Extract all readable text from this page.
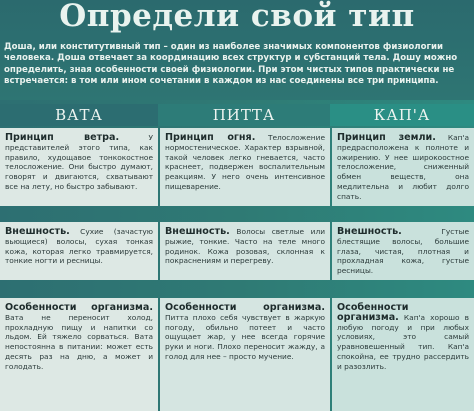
Определи свой тип
Доша, или конститутивный тип – один из наиболее значимых компонентов физиологии человека. Доша отвечает за координацию всех структур и субстанций тела. Дошу можно определить, зная особенности своей физиологии. При этом чистых типов практически не встречается: в том или ином сочетании в каждом из нас соединены все три принципа.
ВАТА	ПИТТА	КАП'А
Принцип ветра. У представителей этого типа, как правило, худощавое тонкокостное телосложение. Они быстро думают, говорят и двигаются, схватывают все на лету, но быстро забывают.
Внешность. Сухие (зачастую вьющиеся) волосы, сухая тонкая кожа, которая легко травмируется, тонкие ногти и ресницы.
Особенности организма. Вата не переносит холод, прохладную пищу и напитки со льдом. Ей тяжело сорваться. Вата непостоянна в питании: может есть десять раз на дню, а может и голодать.
Принцип огня. Телосложение нормостеническое. Характер взрывной, такой человек легко гневается, часто краснеет, подвержен воспалительным реакциям. У него очень интенсивное пищеварение.
Внешность. Волосы светлые или рыжие, тонкие. Часто на теле много родинок. Кожа розовая, склонная к покраснениям и перегреву.
Особенности организма. Питта плохо себя чувствует в жаркую погоду, обильно потеет и часто ощущает жар, у нее всегда горячие руки и ноги. Плохо переносит жажду, а голод для нее – просто мучение.
Принцип земли. Кап'а предрасположена к полноте и ожирению. У нее широкоостное телосложение, сниженный обмен веществ, она медлительна и любит долго спать.
Внешность. Густые блестящие волосы, большие глаза, чистая, плотная и прохладная кожа, густые ресницы.
Особенности организма. Кап'а хорошо в любую погоду и при любых условиях, это самый уравновешенный тип. Кап'а спокойна, ее трудно рассердить и разозлить.
